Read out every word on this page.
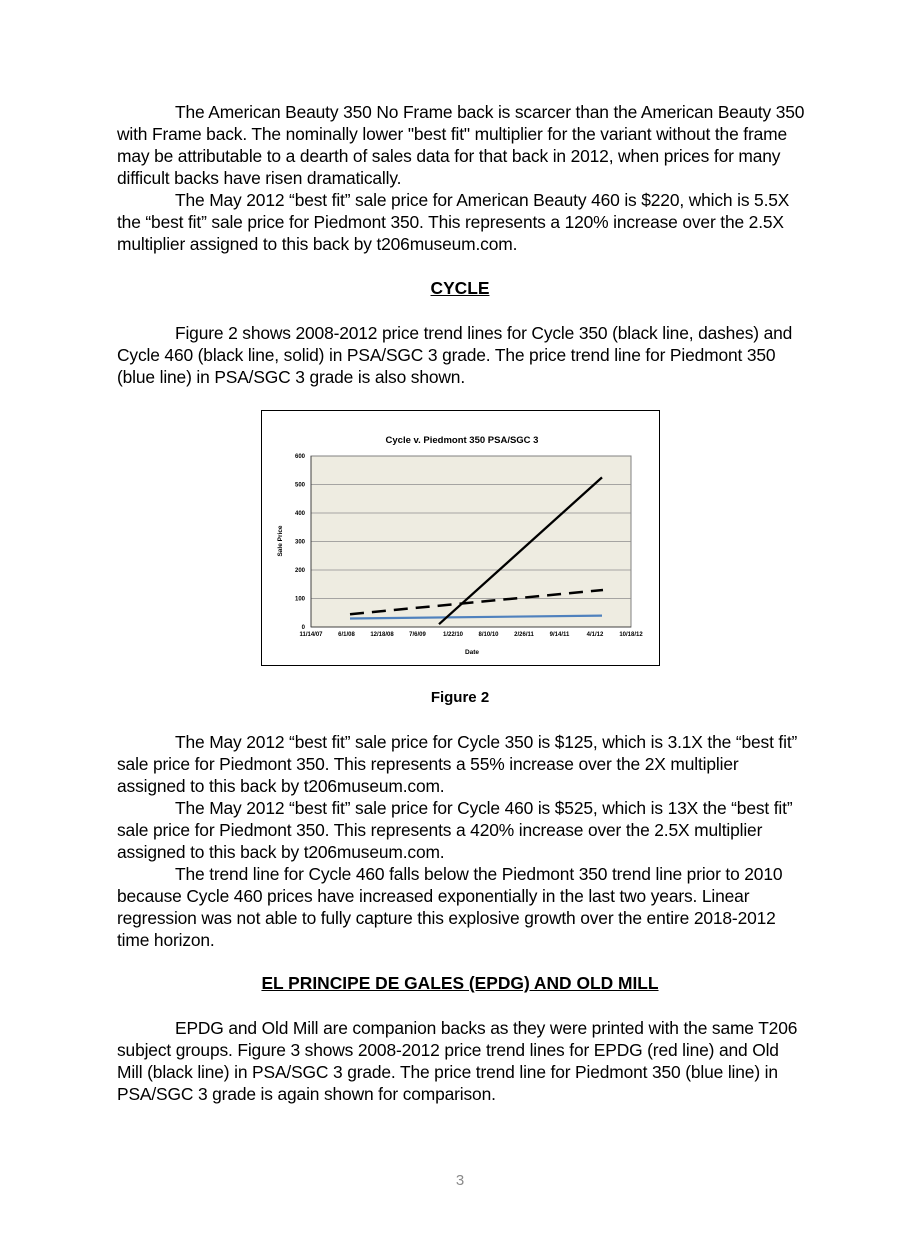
The American Beauty 350 No Frame back is scarcer than the American Beauty 350 with Frame back. The nominally lower "best fit" multiplier for the variant without the frame may be attributable to a dearth of sales data for that back in 2012, when prices for many difficult backs have risen dramatically.

The May 2012 “best fit” sale price for American Beauty 460 is $220, which is 5.5X the “best fit” sale price for Piedmont 350. This represents a 120% increase over the 2.5X multiplier assigned to this back by t206museum.com.

CYCLE

Figure 2 shows 2008-2012 price trend lines for Cycle 350 (black line, dashes) and Cycle 460 (black line, solid) in PSA/SGC 3 grade. The price trend line for Piedmont 350 (blue line) in PSA/SGC 3 grade is also shown.

Cycle v. Piedmont 350 PSA/SGC 3
0
100
200
300
400
500
600
11/14/07	6/1/08	12/18/08	7/6/09	1/22/10	8/10/10	2/26/11	9/14/11	4/1/12	10/18/12
Date
Sale Price
Figure 2

The May 2012 “best fit” sale price for Cycle 350 is $125, which is 3.1X the “best fit” sale price for Piedmont 350. This represents a 55% increase over the 2X multiplier assigned to this back by t206museum.com.

The May 2012 “best fit” sale price for Cycle 460 is $525, which is 13X the “best fit” sale price for Piedmont 350. This represents a 420% increase over the 2.5X multiplier assigned to this back by t206museum.com.

The trend line for Cycle 460 falls below the Piedmont 350 trend line prior to 2010 because Cycle 460 prices have increased exponentially in the last two years. Linear regression was not able to fully capture this explosive growth over the entire 2018-2012 time horizon.

EL PRINCIPE DE GALES (EPDG) AND OLD MILL

EPDG and Old Mill are companion backs as they were printed with the same T206 subject groups. Figure 3 shows 2008-2012 price trend lines for EPDG (red line) and Old Mill (black line) in PSA/SGC 3 grade. The price trend line for Piedmont 350 (blue line) in PSA/SGC 3 grade is again shown for comparison.

3
